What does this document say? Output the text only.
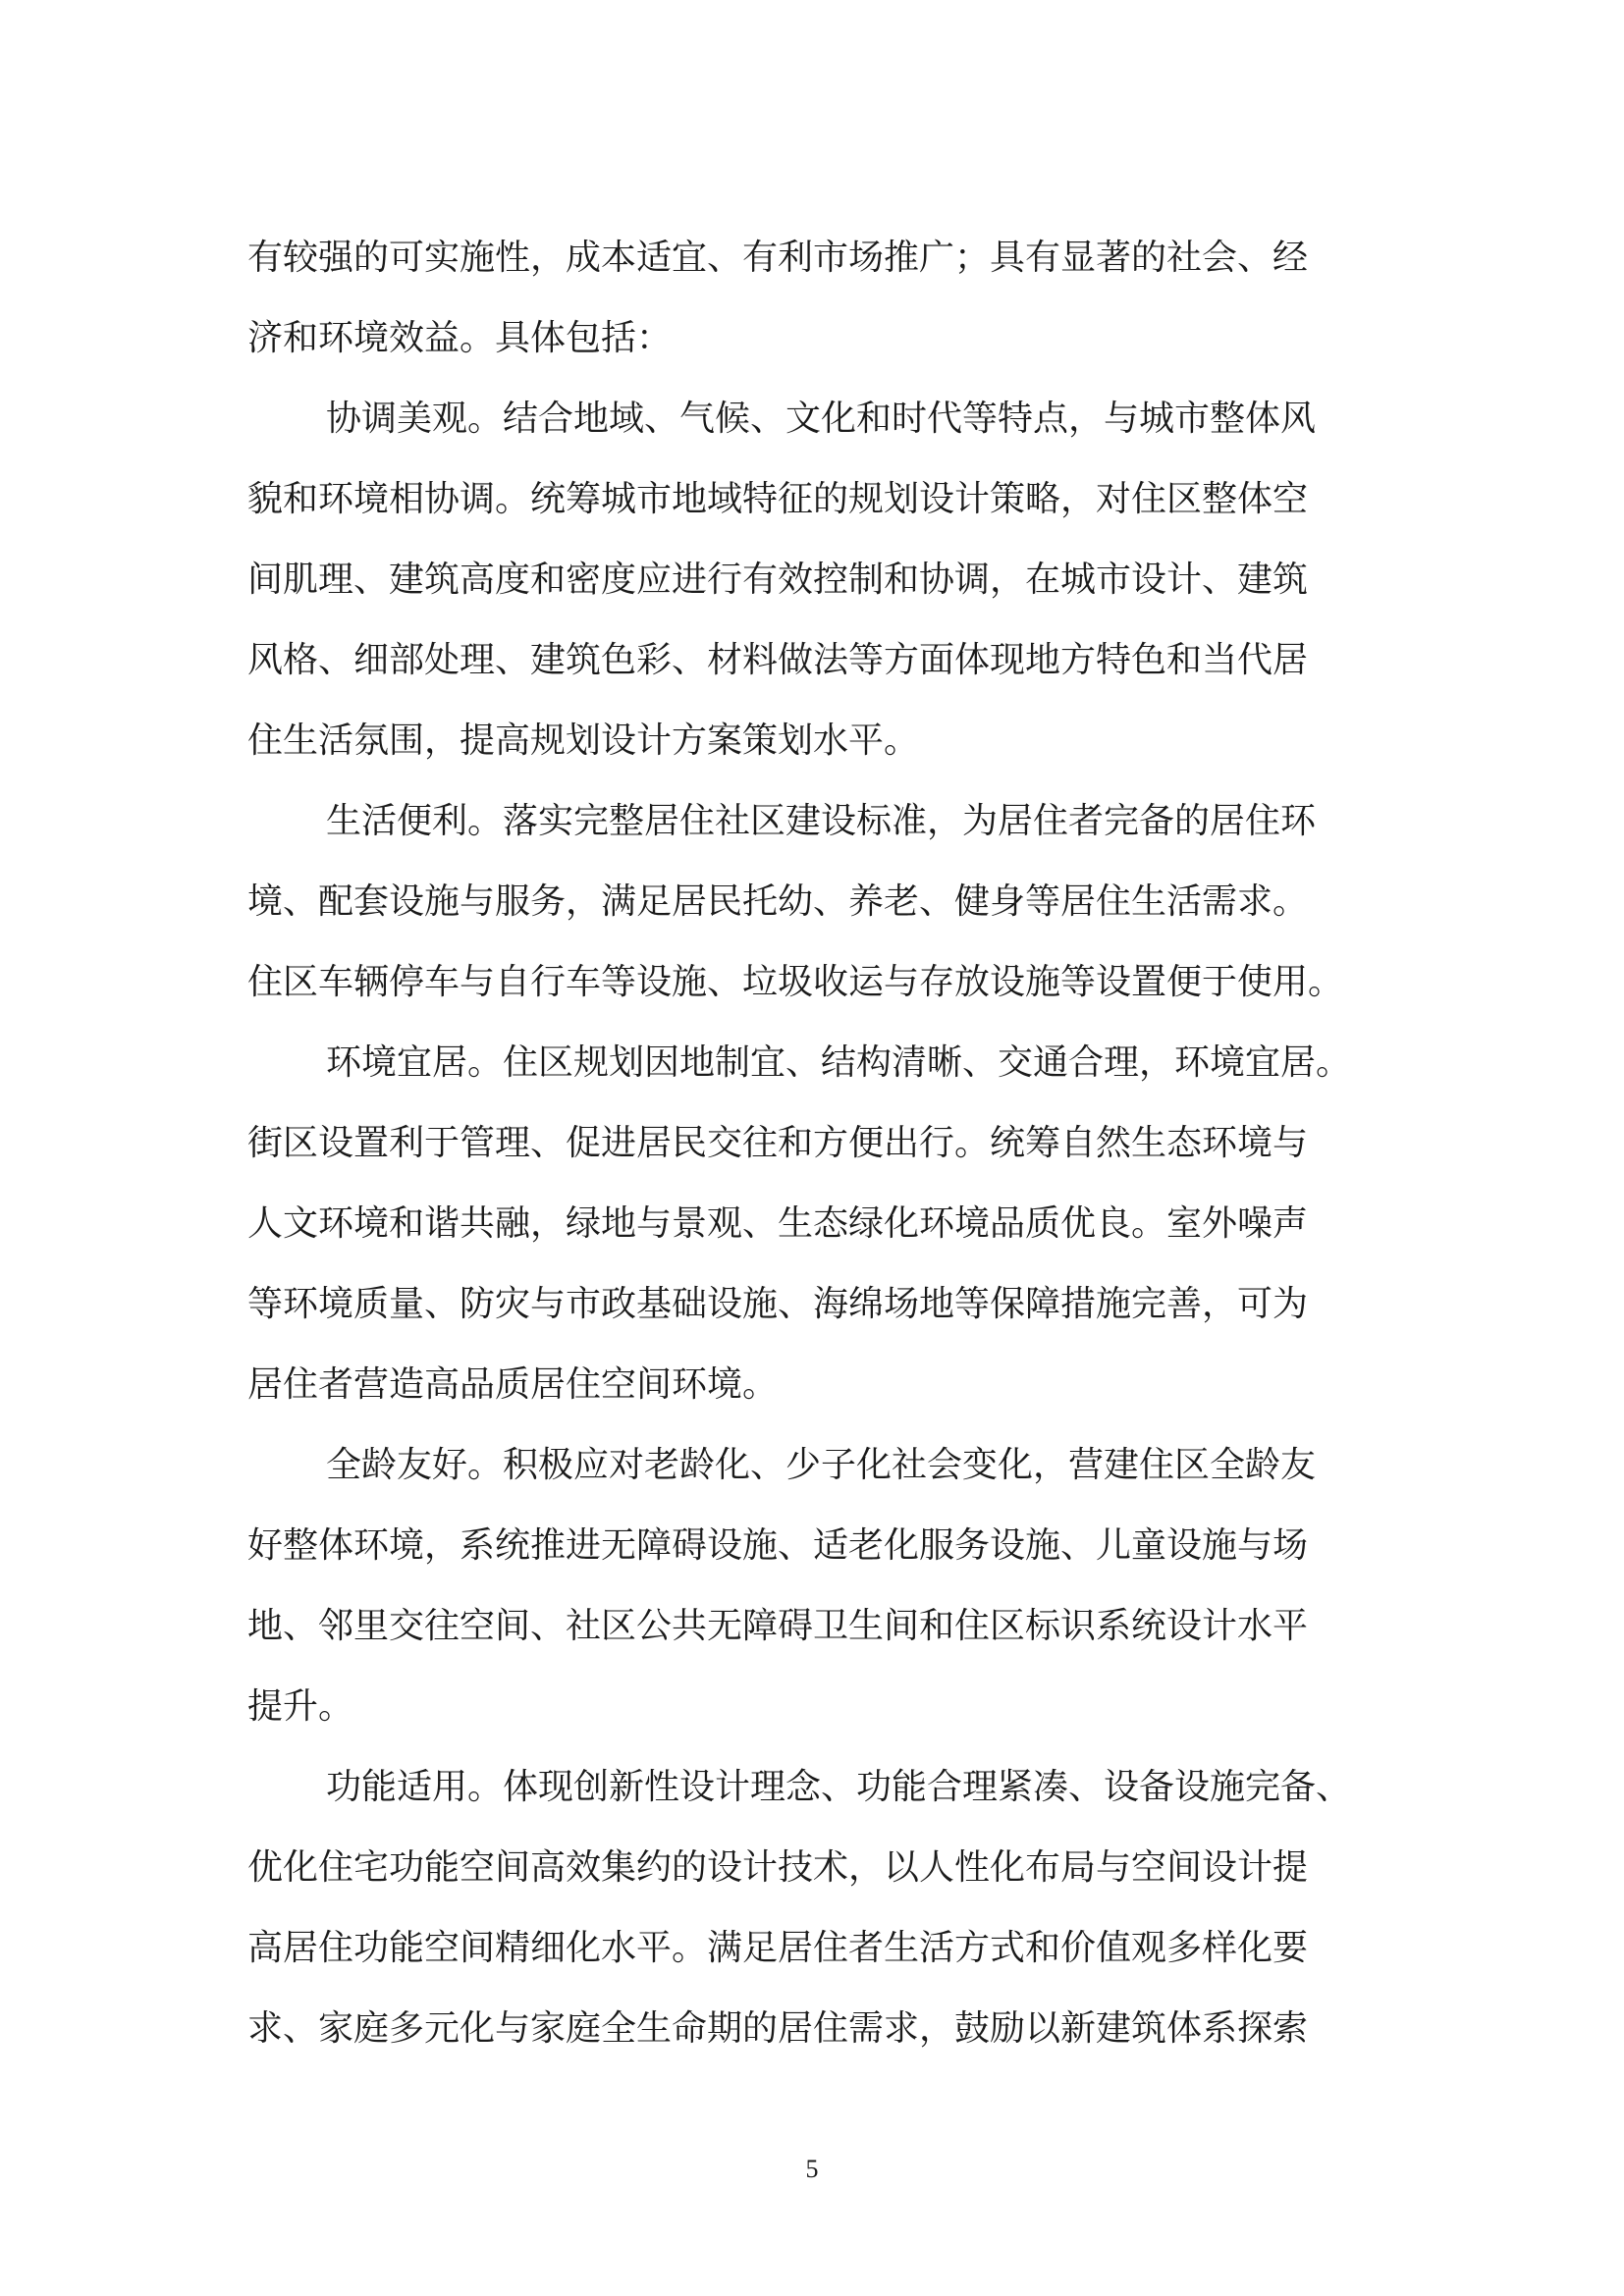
有较强的可实施性，成本适宜、有利市场推广；具有显著的社会、经
济和环境效益。具体包括：
协调美观。结合地域、气候、文化和时代等特点，与城市整体风
貌和环境相协调。统筹城市地域特征的规划设计策略，对住区整体空
间肌理、建筑高度和密度应进行有效控制和协调，在城市设计、建筑
风格、细部处理、建筑色彩、材料做法等方面体现地方特色和当代居
住生活氛围，提高规划设计方案策划水平。
生活便利。落实完整居住社区建设标准，为居住者完备的居住环
境、配套设施与服务，满足居民托幼、养老、健身等居住生活需求。
住区车辆停车与自行车等设施、垃圾收运与存放设施等设置便于使用。
环境宜居。住区规划因地制宜、结构清晰、交通合理，环境宜居。
街区设置利于管理、促进居民交往和方便出行。统筹自然生态环境与
人文环境和谐共融，绿地与景观、生态绿化环境品质优良。室外噪声
等环境质量、防灾与市政基础设施、海绵场地等保障措施完善，可为
居住者营造高品质居住空间环境。
全龄友好。积极应对老龄化、少子化社会变化，营建住区全龄友
好整体环境，系统推进无障碍设施、适老化服务设施、儿童设施与场
地、邻里交往空间、社区公共无障碍卫生间和住区标识系统设计水平
提升。
功能适用。体现创新性设计理念、功能合理紧凑、设备设施完备、
优化住宅功能空间高效集约的设计技术，以人性化布局与空间设计提
高居住功能空间精细化水平。满足居住者生活方式和价值观多样化要
求、家庭多元化与家庭全生命期的居住需求，鼓励以新建筑体系探索
5
